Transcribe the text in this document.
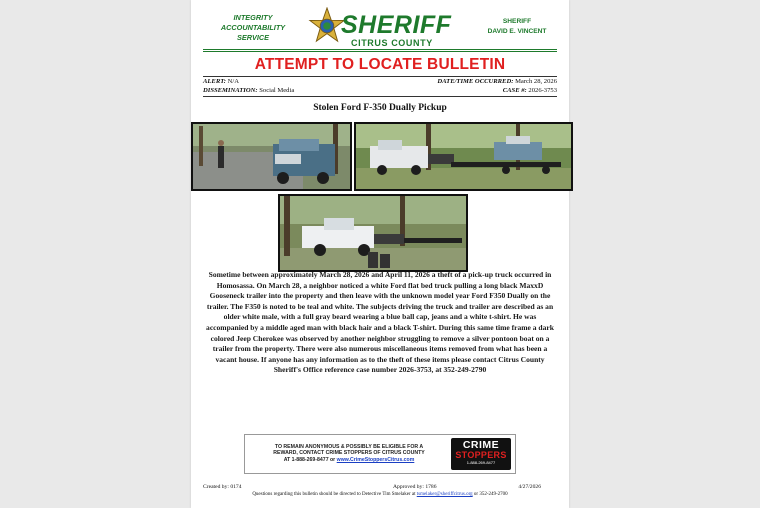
INTEGRITY
ACCOUNTABILITY
SERVICE	SHERIFF
CITRUS COUNTY
SHERIFF
DAVID E. VINCENT
ATTEMPT TO LOCATE BULLETIN
ALERT: N/A
DISSEMINATION: Social Media
DATE/TIME OCCURRED: March 28, 2026
CASE #: 2026-3753
Stolen Ford F-350 Dually Pickup
Sometime between approximately March 28, 2026 and April 11, 2026 a theft of a pick-up truck occurred in Homosassa. On March 28, a neighbor noticed a white Ford flat bed truck pulling a long black MaxxD Gooseneck trailer into the property and then leave with the unknown model year Ford F350 Dually on the trailer. The F350 is noted to be teal and white. The subjects driving the truck and trailer are described as an older white male, with a full gray beard wearing a blue ball cap, jeans and a white t-shirt. He was accompanied by a middle aged man with black hair and a black T-shirt. During this same time frame a dark colored Jeep Cherokee was observed by another neighbor struggling to remove a silver pontoon boat on a trailer from the property. There were also numerous miscellaneous items removed from what has been a vacant house. If anyone has any information as to the theft of these items please contact Citrus County Sheriff's Office reference case number 2026-3753, at 352-249-2790
TO REMAIN ANONYMOUS & POSSIBLY BE ELIGIBLE FOR A
REWARD, CONTACT CRIME STOPPERS OF CITRUS COUNTY
AT 1-888-269-8477 or www.CrimeStoppersCitrus.com
CRIME
STOPPERS
1-888-269-8477
Created by: 0174	Approved by: 1786	4/27/2026
Questions regarding this bulletin should be directed to Detective Tim Smelaker at tsmelaker@sheriffcitrus.org or 352-249-2700
